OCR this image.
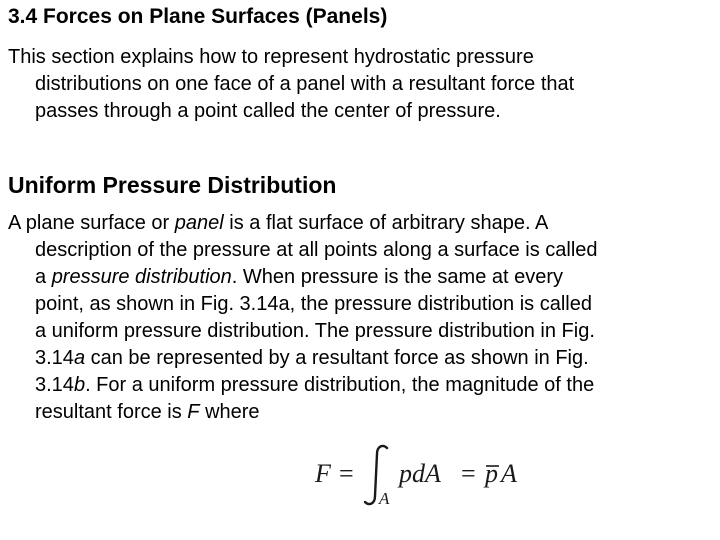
3.4 Forces on Plane Surfaces (Panels)
This section explains how to represent hydrostatic pressure
distributions on one face of a panel with a resultant force that
passes through a point called the center of pressure.
Uniform Pressure Distribution
A plane surface or panel is a flat surface of arbitrary shape. A
description of the pressure at all points along a surface is called
a pressure distribution. When pressure is the same at every
point, as shown in Fig. 3.14a, the pressure distribution is called
a uniform pressure distribution. The pressure distribution in Fig.
3.14a can be represented by a resultant force as shown in Fig.
3.14b. For a uniform pressure distribution, the magnitude of the
resultant force is F where
F =
A
pdA = p A
